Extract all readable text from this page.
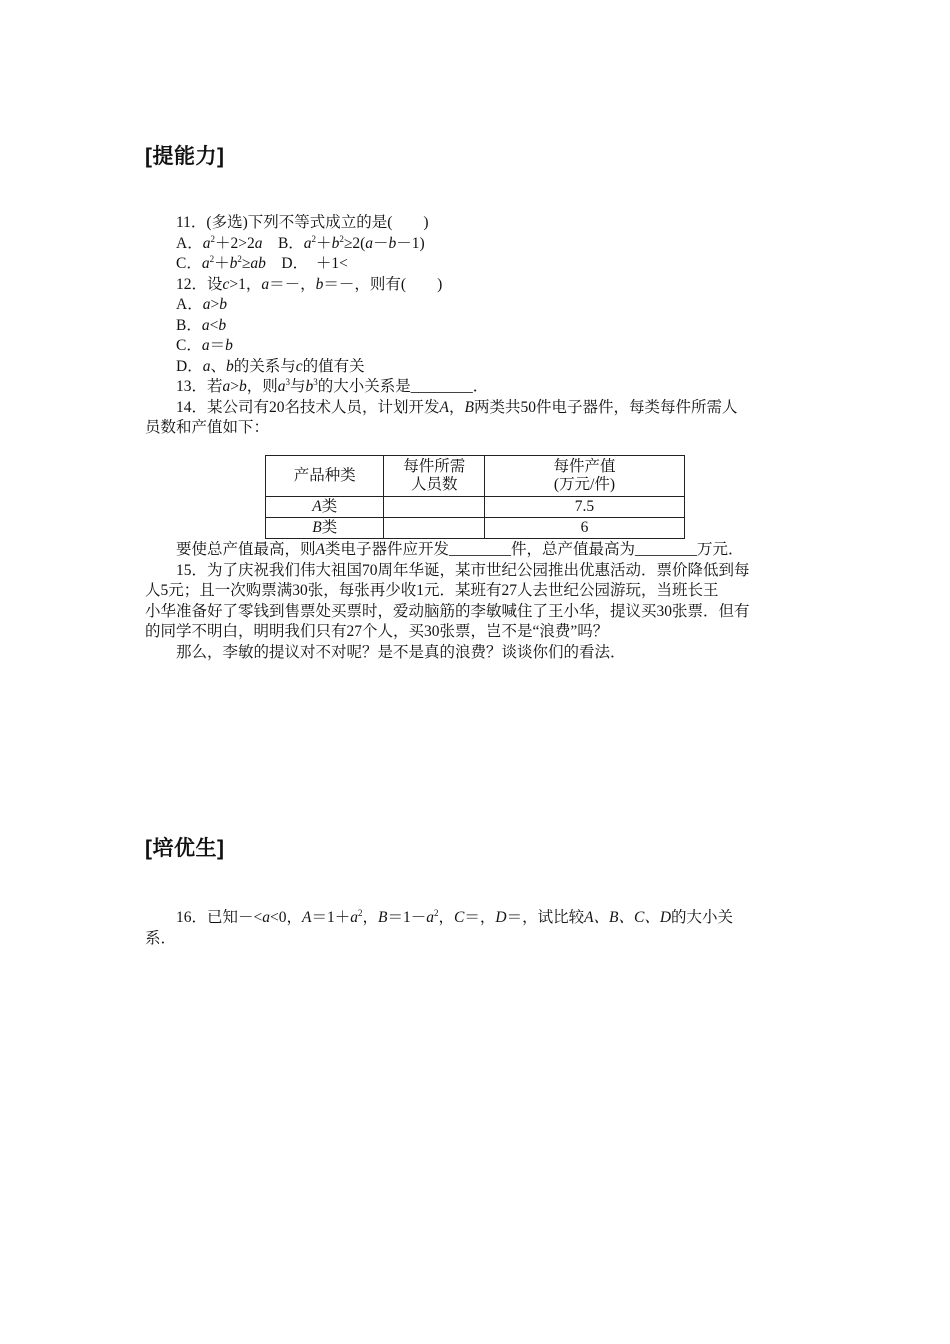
[提能力]
11．(多选)下列不等式成立的是(　　)
A．$a^2+2>2a$  B．$a^2+b^2\ge 2(a-b-1)$
C．$a^2+b^2\ge ab$  D．  ＋1<
12．设c>1，a＝－，b＝－，则有(　　)
A．a>b
B．a<b
C．a＝b
D．a、b的关系与c的值有关
13．若a>b，则$a^3$与$b^3$的大小关系是________．
14．某公司有20名技术人员，计划开发A，B两类共50件电子器件，每类每件所需人
员数和产值如下：
产品种类	每件所需
人员数	每件产值
(万元/件)
A类		7.5
B类		6
要使总产值最高，则A类电子器件应开发________件，总产值最高为________万元．
15．为了庆祝我们伟大祖国70周年华诞，某市世纪公园推出优惠活动．票价降低到每
人5元；且一次购票满30张，每张再少收1元．某班有27人去世纪公园游玩，当班长王
小华准备好了零钱到售票处买票时，爱动脑筋的李敏喊住了王小华，提议买30张票．但有
的同学不明白，明明我们只有27个人，买30张票，岂不是“浪费”吗？
那么，李敏的提议对不对呢？是不是真的浪费？谈谈你们的看法．
[培优生]
16．已知－<a<0，$A=1+a^2$，$B=1-a^2$，C＝，D＝，试比较A、B、C、D的大小关
系．
